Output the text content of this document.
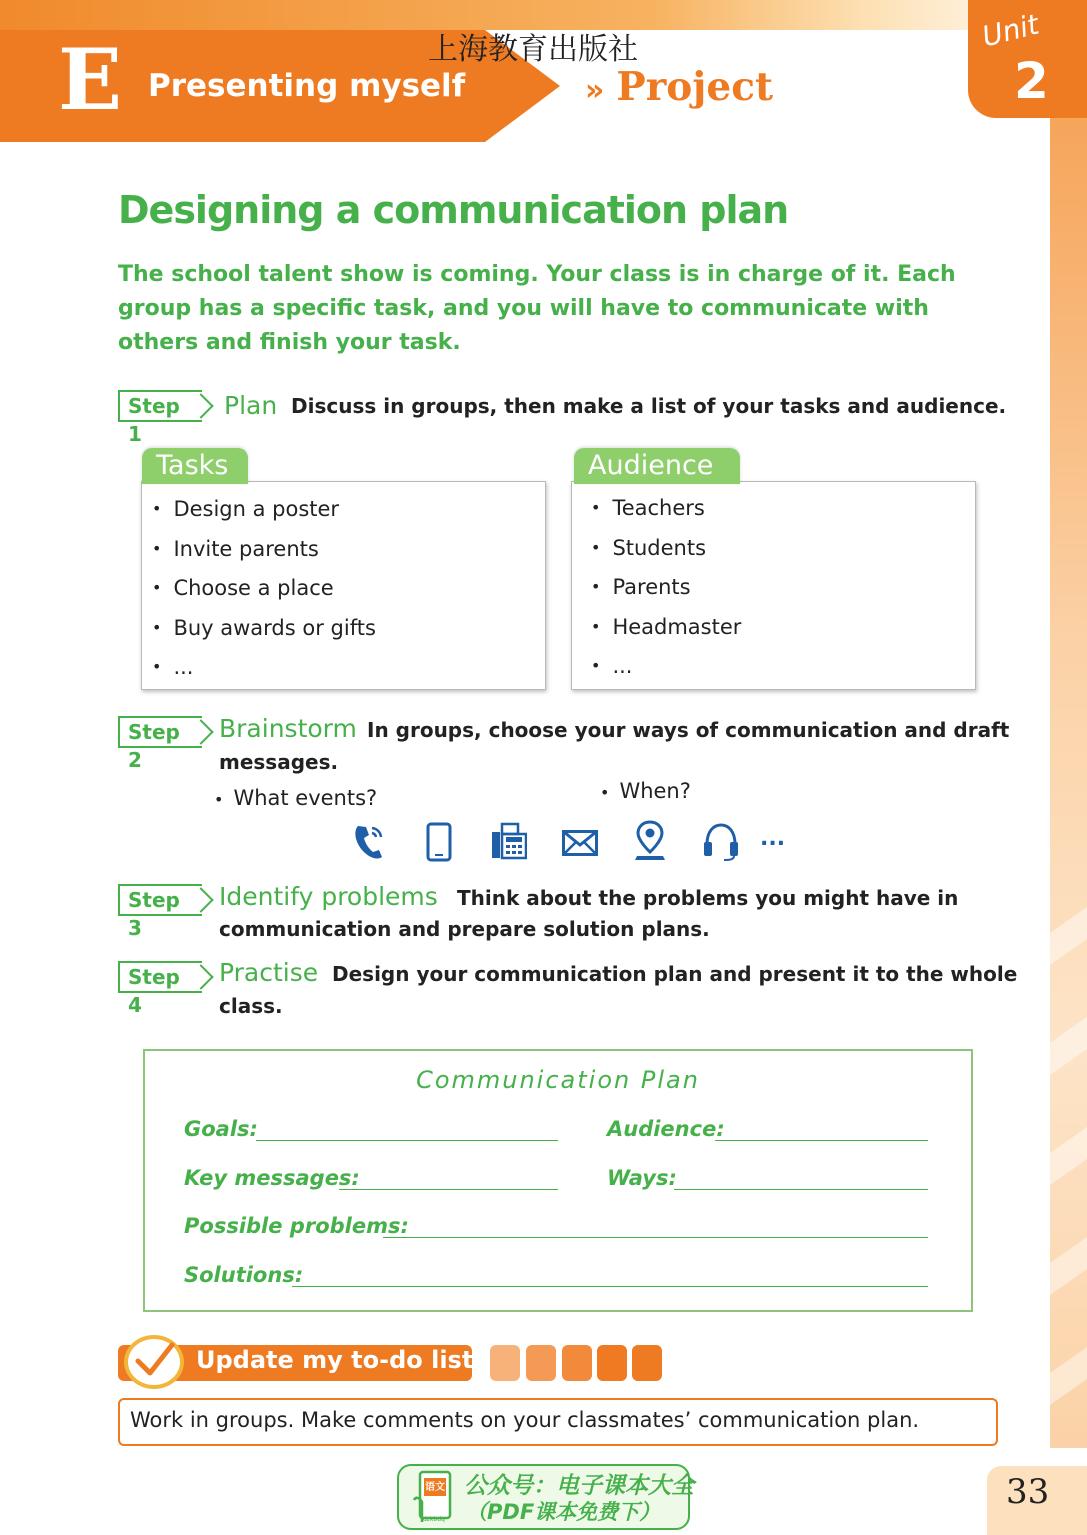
E Presenting myself
上海教育出版社
» Project
Unit
2
Designing a communication plan
The school talent show is coming. Your class is in charge of it. Each group has a specific task, and you will have to communicate with others and finish your task.
Step 1
Plan Discuss in groups, then make a list of your tasks and audience.
Tasks
• Design a poster
• Invite parents
• Choose a place
• Buy awards or gifts
• ...
Audience
• Teachers
• Students
• Parents
• Headmaster
• ...
Step 2
Brainstorm In groups, choose your ways of communication and draft
messages.
• What events?	• When?
...
Step 3
Identify problems Think about the problems you might have in
communication and prepare solution plans.
Step 4
Practise Design your communication plan and present it to the whole
class.
Communication Plan
Goals:	Audience:
Key messages:	Ways:
Possible problems:
Solutions:
Update my to-do list
Work in groups. Make comments on your classmates’ communication plan.
语文
dzkbdq
公众号：电子课本大全
（PDF课本免费下）	33
